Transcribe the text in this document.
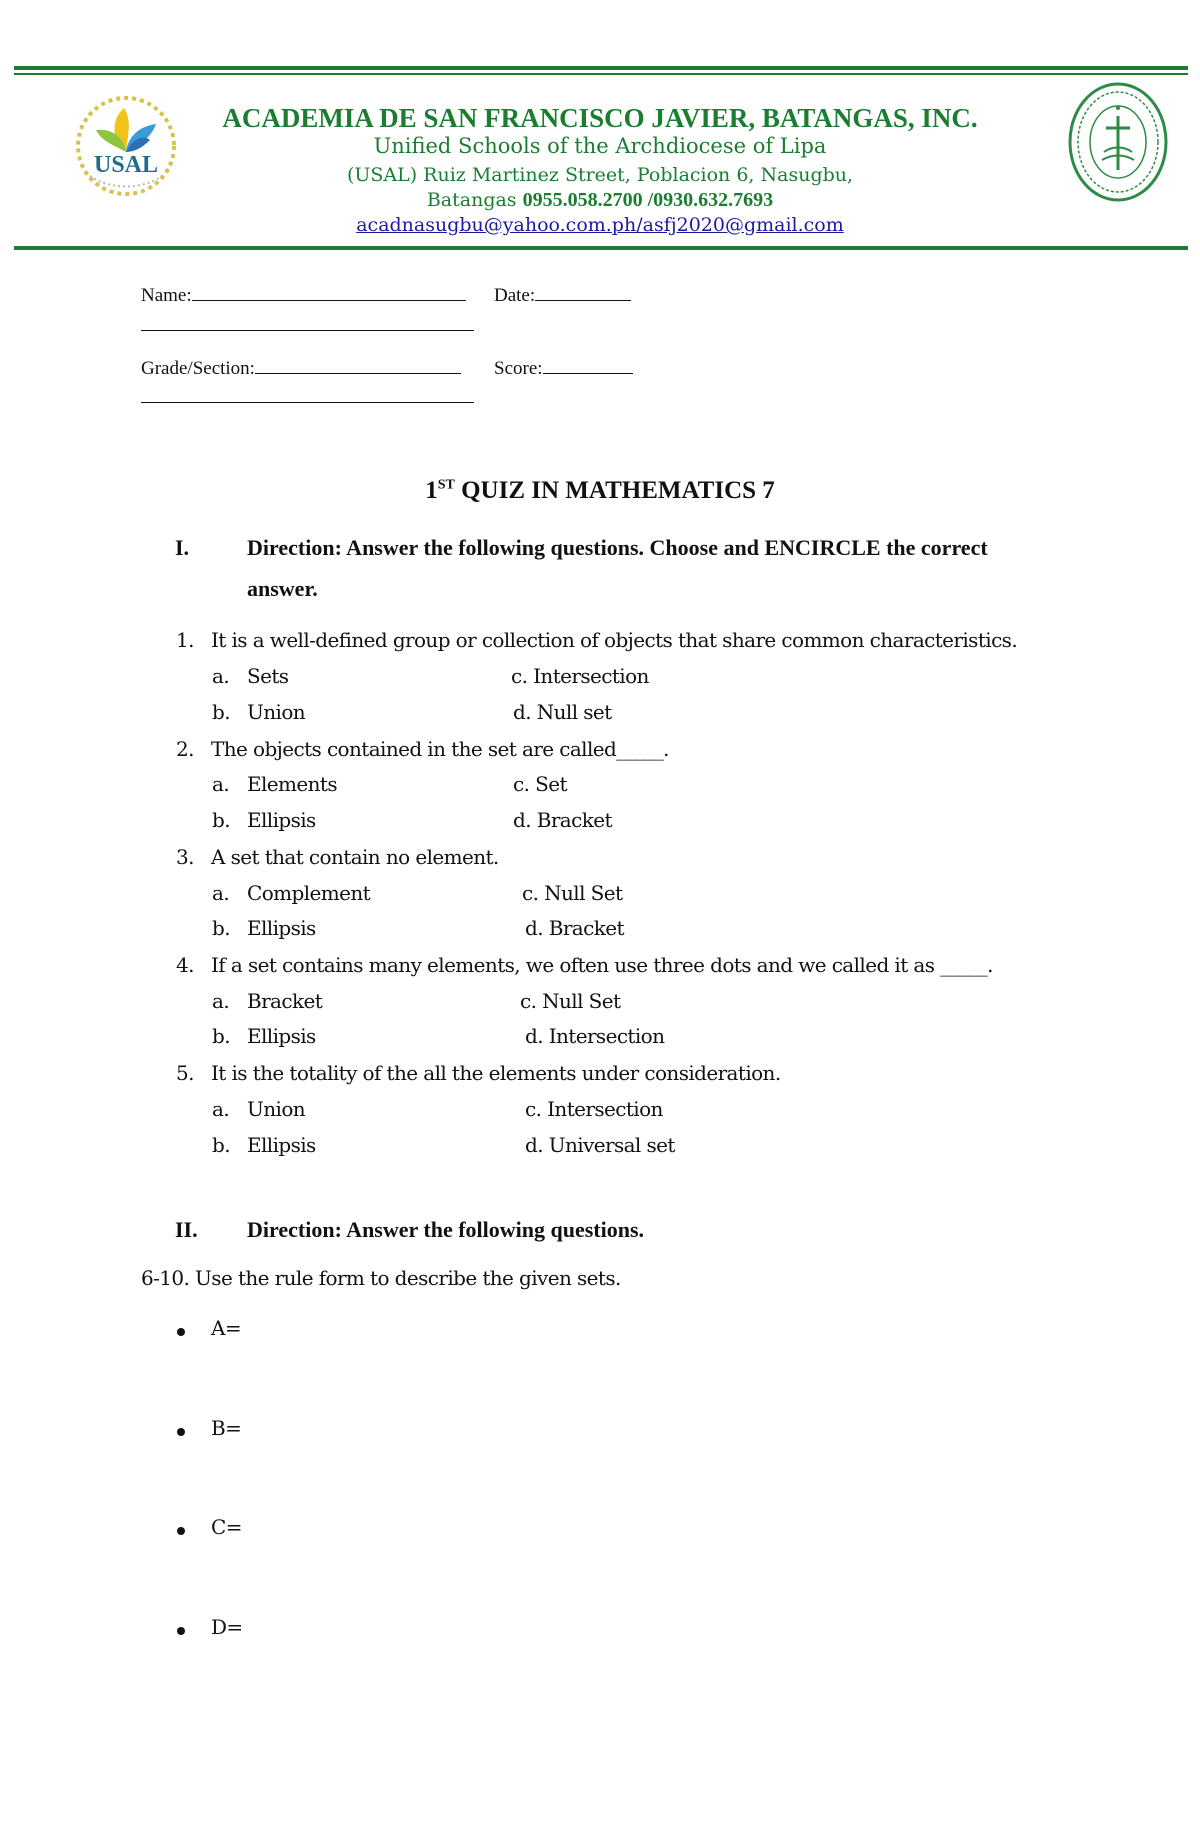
USAL
ACADEMIA DE SAN FRANCISCO JAVIER, BATANGAS, INC.
Unified Schools of the Archdiocese of Lipa
(USAL) Ruiz Martinez Street, Poblacion 6, Nasugbu,
Batangas 0955.058.2700 /0930.632.7693
acadnasugbu@yahoo.com.ph/asfj2020@gmail.com
Name:	Date:
Grade/Section:	Score:
1ST QUIZ IN MATHEMATICS 7
I.	Direction: Answer the following questions. Choose and ENCIRCLE the correct
answer.
1. It is a well-defined group or collection of objects that share common characteristics.
a. Sets	c. Intersection
b. Union	d. Null set
2. The objects contained in the set are called_____.
a. Elements	c. Set
b. Ellipsis	d. Bracket
3. A set that contain no element.
a. Complement	c. Null Set
b. Ellipsis	d. Bracket
4. If a set contains many elements, we often use three dots and we called it as _____.
a. Bracket	c. Null Set
b. Ellipsis	d. Intersection
5. It is the totality of the all the elements under consideration.
a. Union	c. Intersection
b. Ellipsis	d. Universal set
II. Direction: Answer the following questions.
6-10. Use the rule form to describe the given sets.
A=
B=
C=
D=
